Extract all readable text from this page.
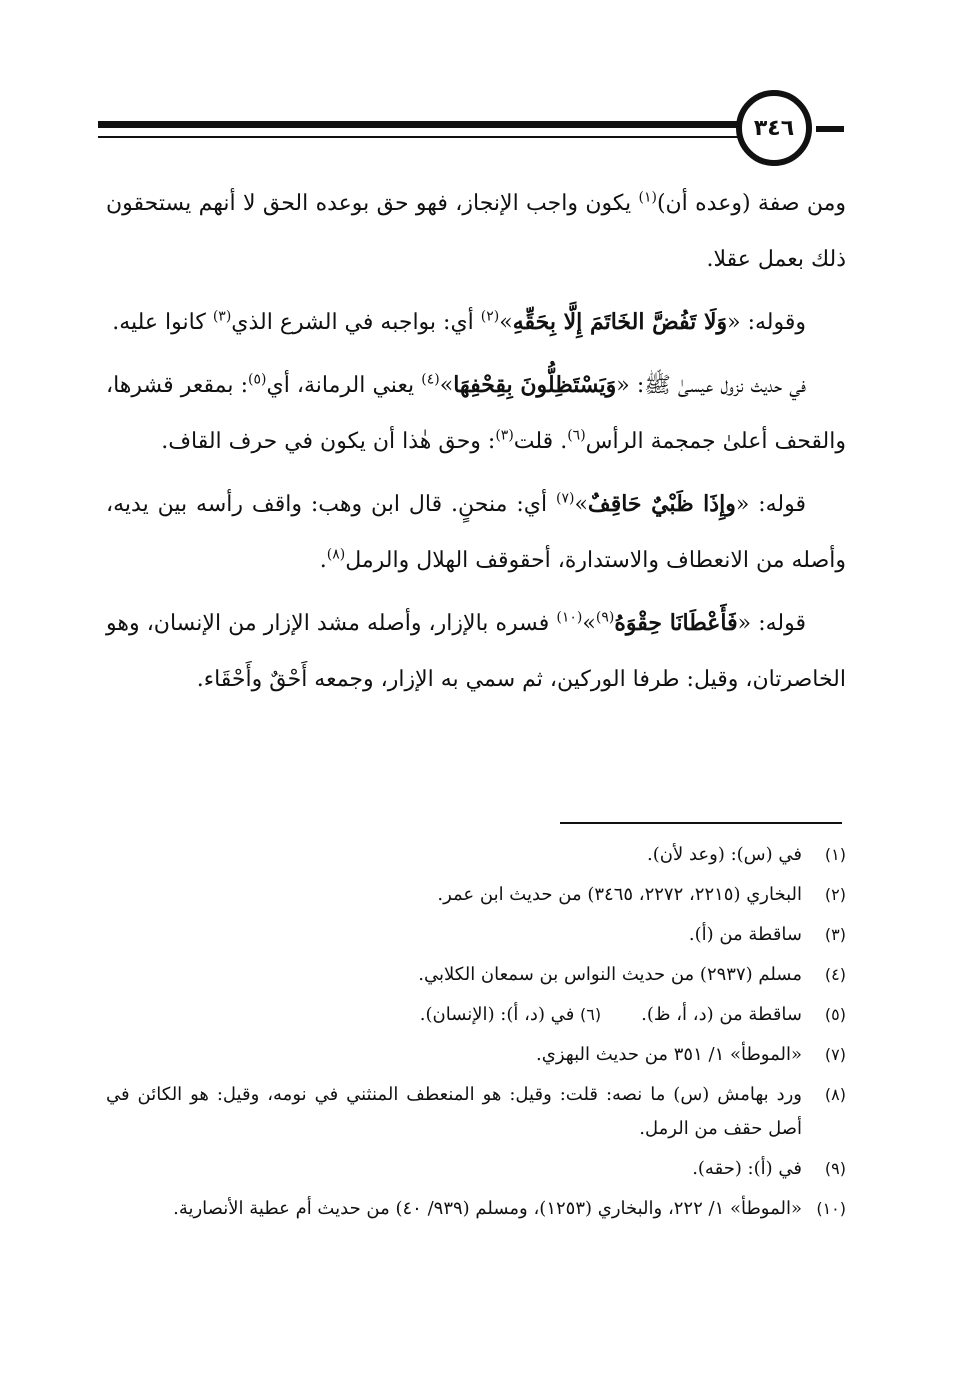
٣٤٦

ومن صفة (وعده أن)$^{(١)}$ يكون واجب الإنجاز، فهو حق بوعده الحق لا أنهم يستحقون ذلك بعمل عقلا.

وقوله: «وَلَا تَفُضَّ الخَاتَمَ إِلَّا بِحَقِّهِ»$^{(٢)}$ أي: بواجبه في الشرع الذي$^{(٣)}$ كانوا عليه.

في حديث نزول عيسىٰ ﷺ: «وَيَسْتَظِلُّونَ بِقِحْفِهَا»$^{(٤)}$ يعني الرمانة، أي$^{(٥)}$: بمقعر قشرها، والقحف أعلىٰ جمجمة الرأس$^{(٦)}$. قلت$^{(٣)}$: وحق هٰذا أن يكون في حرف القاف.

قوله: «وإِذَا ظَبْيٌ حَاقِفٌ»$^{(٧)}$ أي: منحنٍ. قال ابن وهب: واقف رأسه بين يديه، وأصله من الانعطاف والاستدارة، أحقوقف الهلال والرمل$^{(٨)}$.

قوله: «فَأَعْطَانَا حِقْوَهُ$^{(٩)}$»$^{(١٠)}$ فسره بالإزار، وأصله مشد الإزار من الإنسان، وهو الخاصرتان، وقيل: طرفا الوركين، ثم سمي به الإزار، وجمعه أَحْقٌ وأَحْقَاء.

(١)
في (س): (وعد لأن).
(٢)
البخاري (٢٢١٥، ٢٢٧٢، ٣٤٦٥) من حديث ابن عمر.
(٣)
ساقطة من (أ).
(٤)
مسلم (٢٩٣٧) من حديث النواس بن سمعان الكلابي.
(٥)
ساقطة من (د، أ، ظ).(٦) في (د، أ): (الإنسان).
(٧)
«الموطأ» ١/ ٣٥١ من حديث البهزي.
(٨)
ورد بهامش (س) ما نصه: قلت: وقيل: هو المنعطف المنثني في نومه، وقيل: هو الكائن في أصل حقف من الرمل.
(٩)
في (أ): (حقه).
(١٠)
«الموطأ» ١/ ٢٢٢، والبخاري (١٢٥٣)، ومسلم (٩٣٩/ ٤٠) من حديث أم عطية الأنصارية.
